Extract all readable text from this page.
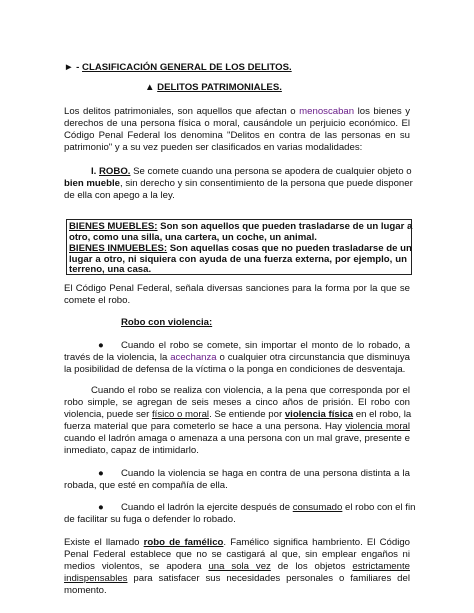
► - CLASIFICACIÓN GENERAL DE LOS DELITOS.
▲ DELITOS PATRIMONIALES.
Los delitos patrimoniales, son aquellos que afectan o menoscaban los bienes y
derechos de una persona física o moral, causándole un perjuicio económico. El
Código Penal Federal los denomina "Delitos en contra de las personas en su
patrimonio" y a su vez pueden ser clasificados en varias modalidades:
I. ROBO. Se comete cuando una persona se apodera de cualquier objeto o
bien mueble, sin derecho y sin consentimiento de la persona que puede disponer
de ella con apego a la ley.
BIENES MUEBLES: Son son aquellos que pueden trasladarse de un lugar a
otro, como una silla, una cartera, un coche, un animal.
BIENES INMUEBLES: Son aquellas cosas que no pueden trasladarse de un
lugar a otro, ni siquiera con ayuda de una fuerza externa, por ejemplo, un
terreno, una casa.
El Código Penal Federal, señala diversas sanciones para la forma por la que se
comete el robo.
Robo con violencia:
● Cuando el robo se comete, sin importar el monto de lo robado, a
través de la violencia, la acechanza o cualquier otra circunstancia que disminuya
la posibilidad de defensa de la víctima o la ponga en condiciones de desventaja.
Cuando el robo se realiza con violencia, a la pena que corresponda por el
robo simple, se agregan de seis meses a cinco años de prisión. El robo con
violencia, puede ser físico o moral. Se entiende por violencia física en el robo, la
fuerza material que para cometerlo se hace a una persona. Hay violencia moral
cuando el ladrón amaga o amenaza a una persona con un mal grave, presente e
inmediato, capaz de intimidarlo.
● Cuando la violencia se haga en contra de una persona distinta a la
robada, que esté en compañía de ella.
● Cuando el ladrón la ejercite después de consumado el robo con el fin
de facilitar su fuga o defender lo robado.
Existe el llamado robo de famélico. Famélico significa hambriento. El Código
Penal Federal establece que no se castigará al que, sin emplear engaños ni
medios violentos, se apodera una sola vez de los objetos estrictamente
indispensables para satisfacer sus necesidades personales o familiares del
momento.
